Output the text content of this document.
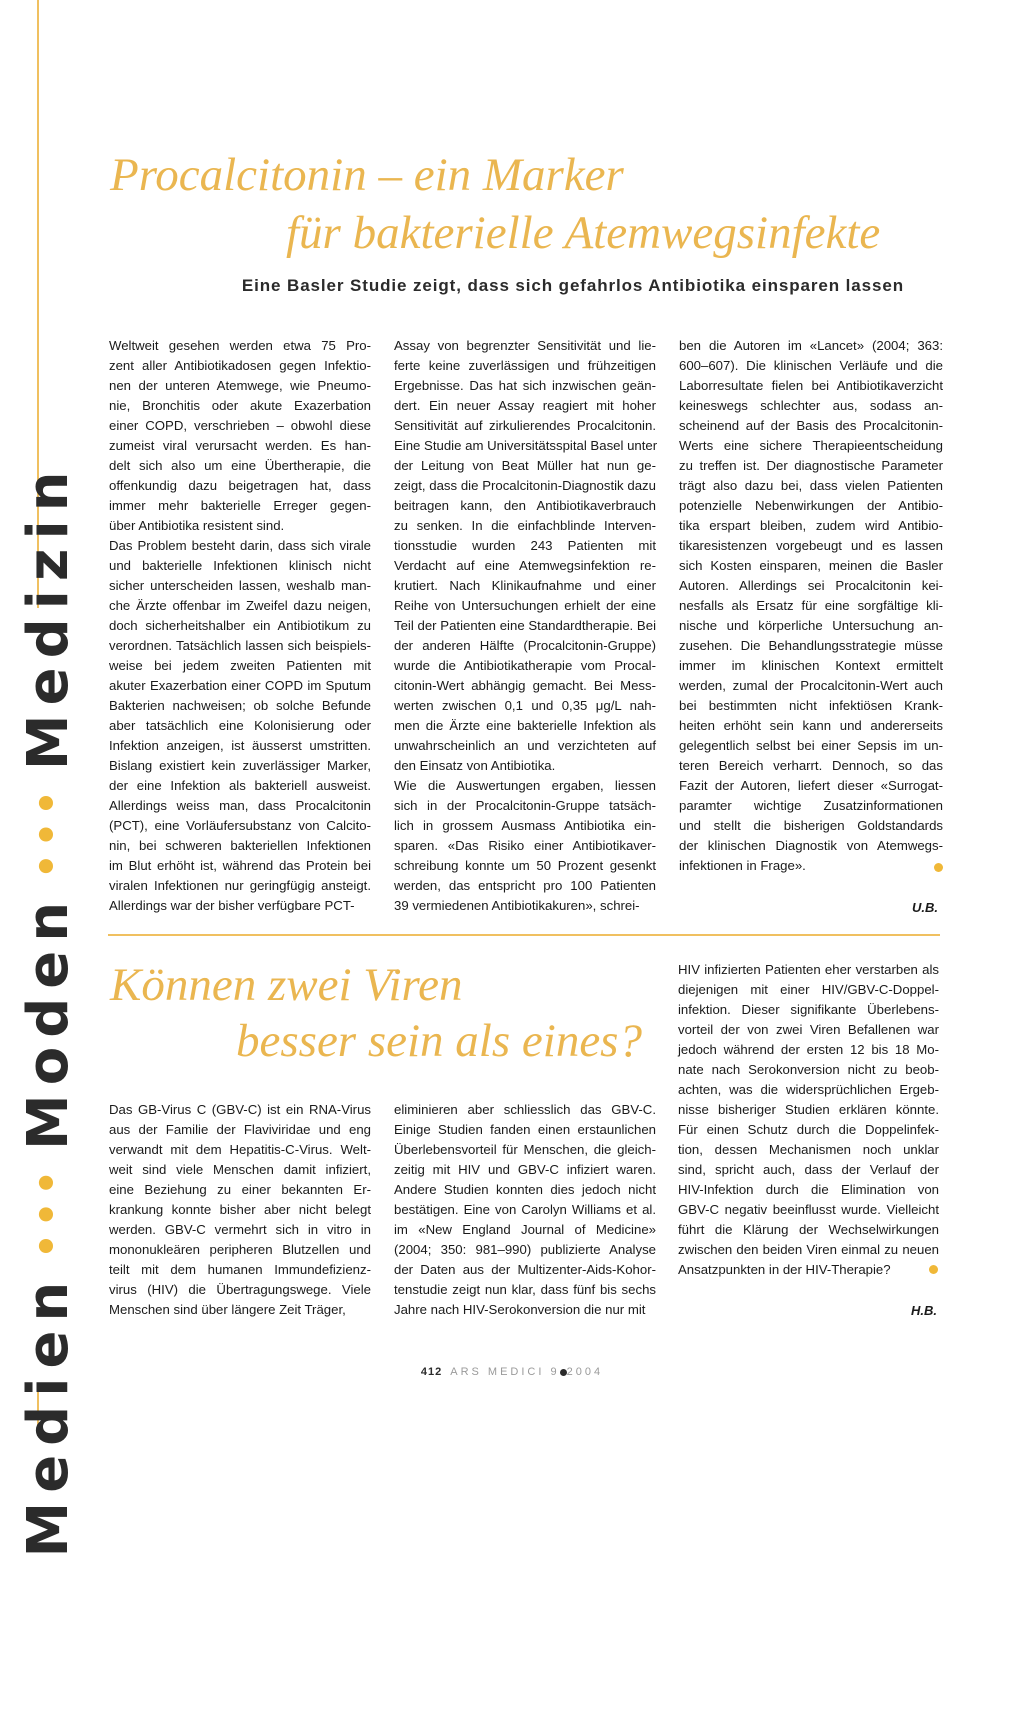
Medien
•••
Moden
•••
Medizin
Procalcitonin – ein Marker
für bakterielle Atemwegsinfekte
Eine Basler Studie zeigt, dass sich gefahrlos Antibiotika einsparen lassen
Weltweit gesehen werden etwa 75 Pro-
zent aller Antibiotikadosen gegen Infektio-
nen der unteren Atemwege, wie Pneumo-
nie, Bronchitis oder akute Exazerbation
einer COPD, verschrieben – obwohl diese
zumeist viral verursacht werden. Es han-
delt sich also um eine Übertherapie, die
offenkundig dazu beigetragen hat, dass
immer mehr bakterielle Erreger gegen-
über Antibiotika resistent sind.
Das Problem besteht darin, dass sich virale
und bakterielle Infektionen klinisch nicht
sicher unterscheiden lassen, weshalb man-
che Ärzte offenbar im Zweifel dazu neigen,
doch sicherheitshalber ein Antibiotikum zu
verordnen. Tatsächlich lassen sich beispiels-
weise bei jedem zweiten Patienten mit
akuter Exazerbation einer COPD im Sputum
Bakterien nachweisen; ob solche Befunde
aber tatsächlich eine Kolonisierung oder
Infektion anzeigen, ist äusserst umstritten.
Bislang existiert kein zuverlässiger Marker,
der eine Infektion als bakteriell ausweist.
Allerdings weiss man, dass Procalcitonin
(PCT), eine Vorläufersubstanz von Calcito-
nin, bei schweren bakteriellen Infektionen
im Blut erhöht ist, während das Protein bei
viralen Infektionen nur geringfügig ansteigt.
Allerdings war der bisher verfügbare PCT-
Assay von begrenzter Sensitivität und lie-
ferte keine zuverlässigen und frühzeitigen
Ergebnisse. Das hat sich inzwischen geän-
dert. Ein neuer Assay reagiert mit hoher
Sensitivität auf zirkulierendes Procalcitonin.
Eine Studie am Universitätsspital Basel unter
der Leitung von Beat Müller hat nun ge-
zeigt, dass die Procalcitonin-Diagnostik dazu
beitragen kann, den Antibiotikaverbrauch
zu senken. In die einfachblinde Interven-
tionsstudie wurden 243 Patienten mit
Verdacht auf eine Atemwegsinfektion re-
krutiert. Nach Klinikaufnahme und einer
Reihe von Untersuchungen erhielt der eine
Teil der Patienten eine Standardtherapie. Bei
der anderen Hälfte (Procalcitonin-Gruppe)
wurde die Antibiotikatherapie vom Procal-
citonin-Wert abhängig gemacht. Bei Mess-
werten zwischen 0,1 und 0,35 μg/L nah-
men die Ärzte eine bakterielle Infektion als
unwahrscheinlich an und verzichteten auf
den Einsatz von Antibiotika.
Wie die Auswertungen ergaben, liessen
sich in der Procalcitonin-Gruppe tatsäch-
lich in grossem Ausmass Antibiotika ein-
sparen. «Das Risiko einer Antibiotikaver-
schreibung konnte um 50 Prozent gesenkt
werden, das entspricht pro 100 Patienten
39 vermiedenen Antibiotikakuren», schrei-
ben die Autoren im «Lancet» (2004; 363:
600–607). Die klinischen Verläufe und die
Laborresultate fielen bei Antibiotikaverzicht
keineswegs schlechter aus, sodass an-
scheinend auf der Basis des Procalcitonin-
Werts eine sichere Therapieentscheidung
zu treffen ist. Der diagnostische Parameter
trägt also dazu bei, dass vielen Patienten
potenzielle Nebenwirkungen der Antibio-
tika erspart bleiben, zudem wird Antibio-
tikaresistenzen vorgebeugt und es lassen
sich Kosten einsparen, meinen die Basler
Autoren. Allerdings sei Procalcitonin kei-
nesfalls als Ersatz für eine sorgfältige kli-
nische und körperliche Untersuchung an-
zusehen. Die Behandlungsstrategie müsse
immer im klinischen Kontext ermittelt
werden, zumal der Procalcitonin-Wert auch
bei bestimmten nicht infektiösen Krank-
heiten erhöht sein kann und andererseits
gelegentlich selbst bei einer Sepsis im un-
teren Bereich verharrt. Dennoch, so das
Fazit der Autoren, liefert dieser «Surrogat-
paramter wichtige Zusatzinformationen
und stellt die bisherigen Goldstandards
der klinischen Diagnostik von Atemwegs-
infektionen in Frage».
U.B.
Können zwei Viren
besser sein als eines?
Das GB-Virus C (GBV-C) ist ein RNA-Virus
aus der Familie der Flaviviridae und eng
verwandt mit dem Hepatitis-C-Virus. Welt-
weit sind viele Menschen damit infiziert,
eine Beziehung zu einer bekannten Er-
krankung konnte bisher aber nicht belegt
werden. GBV-C vermehrt sich in vitro in
mononukleären peripheren Blutzellen und
teilt mit dem humanen Immundefizienz-
virus (HIV) die Übertragungswege. Viele
Menschen sind über längere Zeit Träger,
eliminieren aber schliesslich das GBV-C.
Einige Studien fanden einen erstaunlichen
Überlebensvorteil für Menschen, die gleich-
zeitig mit HIV und GBV-C infiziert waren.
Andere Studien konnten dies jedoch nicht
bestätigen. Eine von Carolyn Williams et al.
im «New England Journal of Medicine»
(2004; 350: 981–990) publizierte Analyse
der Daten aus der Multizenter-Aids-Kohor-
tenstudie zeigt nun klar, dass fünf bis sechs
Jahre nach HIV-Serokonversion die nur mit
HIV infizierten Patienten eher verstarben als
diejenigen mit einer HIV/GBV-C-Doppel-
infektion. Dieser signifikante Überlebens-
vorteil der von zwei Viren Befallenen war
jedoch während der ersten 12 bis 18 Mo-
nate nach Serokonversion nicht zu beob-
achten, was die widersprüchlichen Ergeb-
nisse bisheriger Studien erklären könnte.
Für einen Schutz durch die Doppelinfek-
tion, dessen Mechanismen noch unklar
sind, spricht auch, dass der Verlauf der
HIV-Infektion durch die Elimination von
GBV-C negativ beeinflusst wurde. Vielleicht
führt die Klärung der Wechselwirkungen
zwischen den beiden Viren einmal zu neuen
Ansatzpunkten in der HIV-Therapie?
H.B.
412 ARS MEDICI 9 2004
